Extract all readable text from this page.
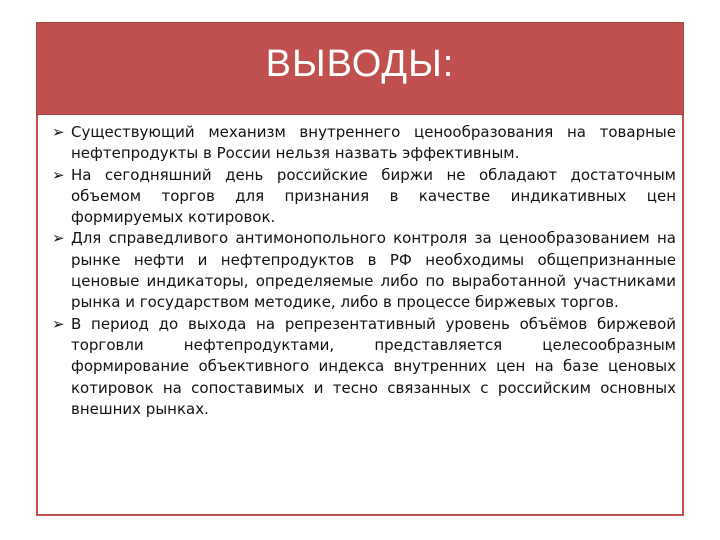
ВЫВОДЫ:
➢ Существующий механизм внутреннего ценообразования на товарные нефтепродукты в России нельзя назвать эффективным.
➢ На сегодняшний день российские биржи не обладают достаточным объемом торгов для признания в качестве индикативных цен формируемых котировок.
➢ Для справедливого антимонопольного контроля за ценообразованием на рынке нефти и нефтепродуктов в РФ необходимы общепризнанные ценовые индикаторы, определяемые либо по выработанной участниками рынка и государством методике, либо в процессе биржевых торгов.
➢ В период до выхода на репрезентативный уровень объёмов биржевой торговли нефтепродуктами, представляется целесообразным формирование объективного индекса внутренних цен на базе ценовых котировок на сопоставимых и тесно связанных с российским основных внешних рынках.
